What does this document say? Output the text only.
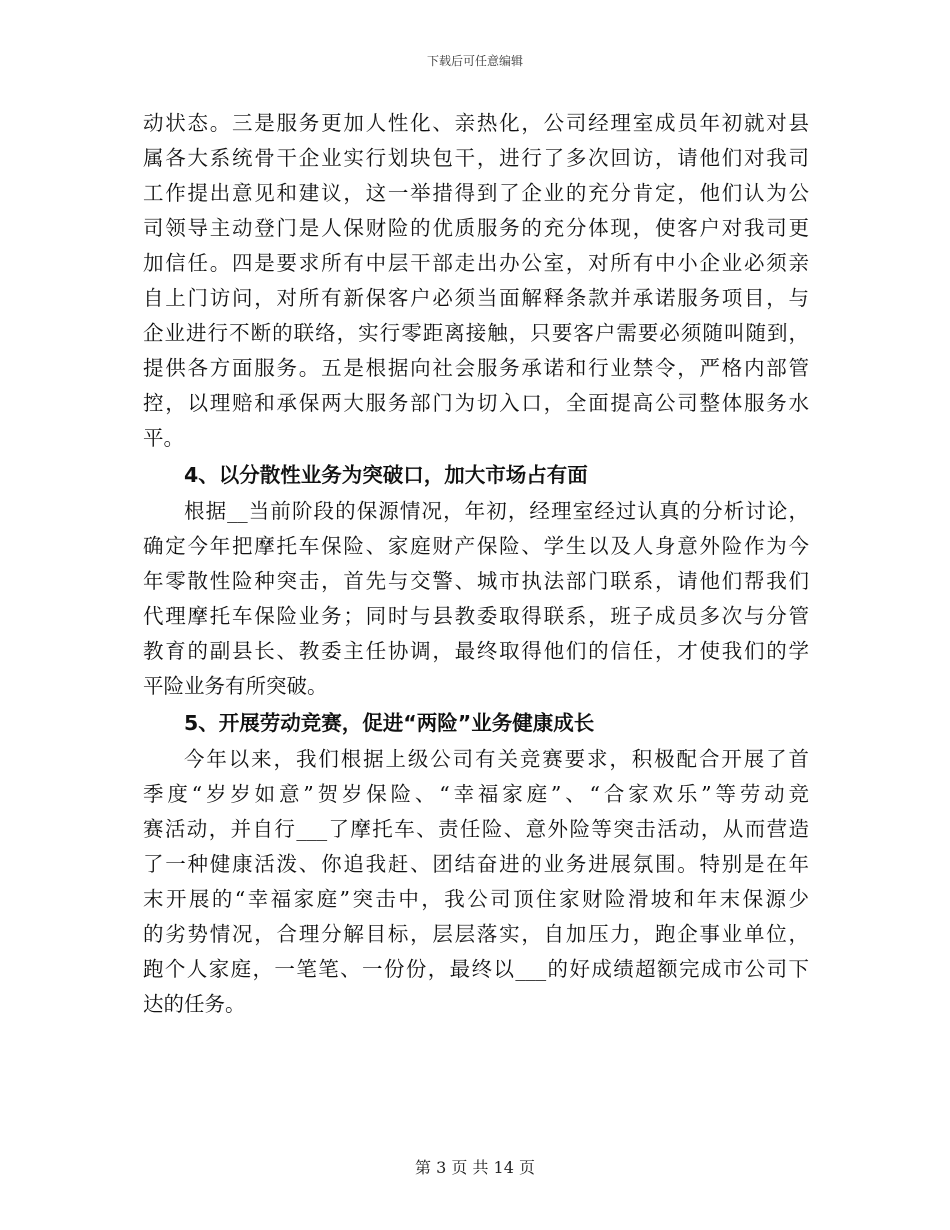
下载后可任意编辑
动状态。三是服务更加人性化、亲热化，公司经理室成员年初就对县
属各大系统骨干企业实行划块包干，进行了多次回访，请他们对我司
工作提出意见和建议，这一举措得到了企业的充分肯定，他们认为公
司领导主动登门是人保财险的优质服务的充分体现，使客户对我司更
加信任。四是要求所有中层干部走出办公室，对所有中小企业必须亲
自上门访问，对所有新保客户必须当面解释条款并承诺服务项目，与
企业进行不断的联络，实行零距离接触，只要客户需要必须随叫随到，
提供各方面服务。五是根据向社会服务承诺和行业禁令，严格内部管
控，以理赔和承保两大服务部门为切入口，全面提高公司整体服务水
平。
4、以分散性业务为突破口，加大市场占有面
根据__当前阶段的保源情况，年初，经理室经过认真的分析讨论，
确定今年把摩托车保险、家庭财产保险、学生以及人身意外险作为今
年零散性险种突击，首先与交警、城市执法部门联系，请他们帮我们
代理摩托车保险业务；同时与县教委取得联系，班子成员多次与分管
教育的副县长、教委主任协调，最终取得他们的信任，才使我们的学
平险业务有所突破。
5、开展劳动竞赛，促进“两险”业务健康成长
今年以来，我们根据上级公司有关竞赛要求，积极配合开展了首
季度“岁岁如意”贺岁保险、“幸福家庭”、“合家欢乐”等劳动竞
赛活动，并自行___了摩托车、责任险、意外险等突击活动，从而营造
了一种健康活泼、你追我赶、团结奋进的业务进展氛围。特别是在年
末开展的“幸福家庭”突击中，我公司顶住家财险滑坡和年末保源少
的劣势情况，合理分解目标，层层落实，自加压力，跑企事业单位，
跑个人家庭，一笔笔、一份份，最终以___的好成绩超额完成市公司下
达的任务。
第 3 页 共 14 页
